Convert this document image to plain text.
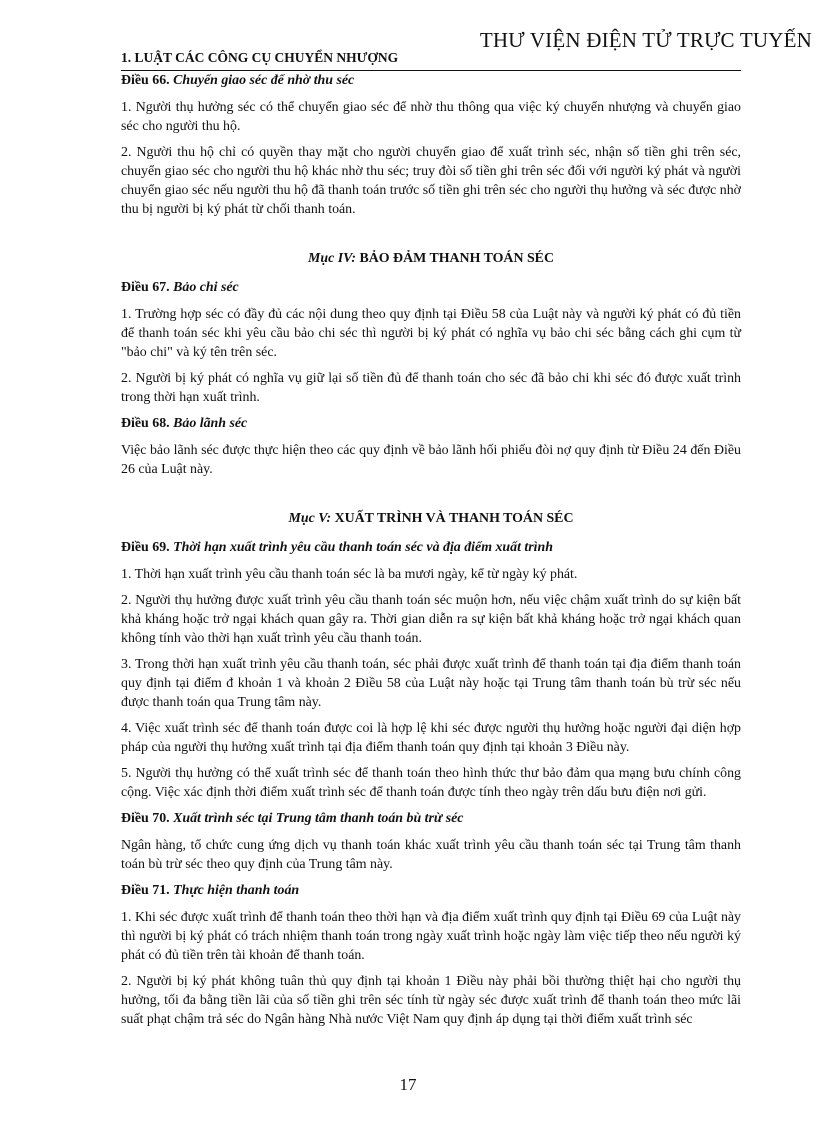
THƯ VIỆN ĐIỆN TỬ TRỰC TUYẾN
1. LUẬT CÁC CÔNG CỤ CHUYỂN NHƯỢNG

Điều 66. Chuyển giao séc để nhờ thu séc

1. Người thụ hưởng séc có thể chuyển giao séc để nhờ thu thông qua việc ký chuyển nhượng và chuyển giao séc cho người thu hộ.

2. Người thu hộ chỉ có quyền thay mặt cho người chuyển giao để xuất trình séc, nhận số tiền ghi trên séc, chuyển giao séc cho người thu hộ khác nhờ thu séc; truy đòi số tiền ghi trên séc đối với người ký phát và người chuyển giao séc nếu người thu hộ đã thanh toán trước số tiền ghi trên séc cho người thụ hưởng và séc được nhờ thu bị người bị ký phát từ chối thanh toán.

Mục IV: BẢO ĐẢM THANH TOÁN SÉC

Điều 67. Bảo chi séc

1. Trường hợp séc có đầy đủ các nội dung theo quy định tại Điều 58 của Luật này và người ký phát có đủ tiền để thanh toán séc khi yêu cầu bảo chi séc thì người bị ký phát có nghĩa vụ bảo chi séc bằng cách ghi cụm từ "bảo chi" và ký tên trên séc.

2. Người bị ký phát có nghĩa vụ giữ lại số tiền đủ để thanh toán cho séc đã bảo chi khi séc đó được xuất trình trong thời hạn xuất trình.

Điều 68. Bảo lãnh séc

Việc bảo lãnh séc được thực hiện theo các quy định về bảo lãnh hối phiếu đòi nợ quy định từ Điều 24 đến Điều 26 của Luật này.

Mục V: XUẤT TRÌNH VÀ THANH TOÁN SÉC

Điều 69. Thời hạn xuất trình yêu cầu thanh toán séc và địa điểm xuất trình

1. Thời hạn xuất trình yêu cầu thanh toán séc là ba mươi ngày, kể từ ngày ký phát.

2. Người thụ hưởng được xuất trình yêu cầu thanh toán séc muộn hơn, nếu việc chậm xuất trình do sự kiện bất khả kháng hoặc trở ngại khách quan gây ra. Thời gian diễn ra sự kiện bất khả kháng hoặc trở ngại khách quan không tính vào thời hạn xuất trình yêu cầu thanh toán.

3. Trong thời hạn xuất trình yêu cầu thanh toán, séc phải được xuất trình để thanh toán tại địa điểm thanh toán quy định tại điểm đ khoản 1 và khoản 2 Điều 58 của Luật này hoặc tại Trung tâm thanh toán bù trừ séc nếu được thanh toán qua Trung tâm này.

4. Việc xuất trình séc để thanh toán được coi là hợp lệ khi séc được người thụ hưởng hoặc người đại diện hợp pháp của người thụ hưởng xuất trình tại địa điểm thanh toán quy định tại khoản 3 Điều này.

5. Người thụ hưởng có thể xuất trình séc để thanh toán theo hình thức thư bảo đảm qua mạng bưu chính công cộng. Việc xác định thời điểm xuất trình séc để thanh toán được tính theo ngày trên dấu bưu điện nơi gửi.

Điều 70. Xuất trình séc tại Trung tâm thanh toán bù trừ séc

Ngân hàng, tổ chức cung ứng dịch vụ thanh toán khác xuất trình yêu cầu thanh toán séc tại Trung tâm thanh toán bù trừ séc theo quy định của Trung tâm này.

Điều 71. Thực hiện thanh toán

1. Khi séc được xuất trình để thanh toán theo thời hạn và địa điểm xuất trình quy định tại Điều 69 của Luật này thì người bị ký phát có trách nhiệm thanh toán trong ngày xuất trình hoặc ngày làm việc tiếp theo nếu người ký phát có đủ tiền trên tài khoản để thanh toán.

2. Người bị ký phát không tuân thủ quy định tại khoản 1 Điều này phải bồi thường thiệt hại cho người thụ hưởng, tối đa bằng tiền lãi của số tiền ghi trên séc tính từ ngày séc được xuất trình để thanh toán theo mức lãi suất phạt chậm trả séc do Ngân hàng Nhà nước Việt Nam quy định áp dụng tại thời điểm xuất trình séc

17
